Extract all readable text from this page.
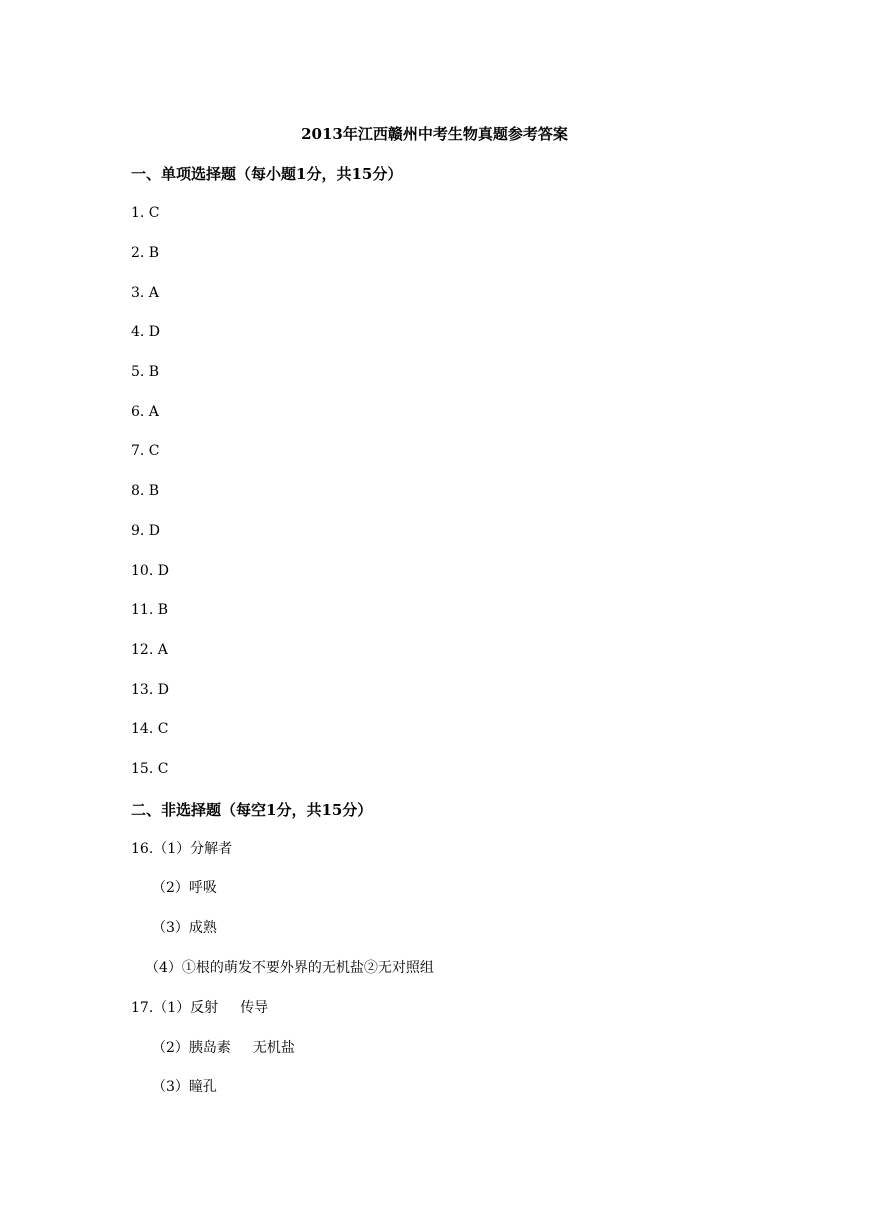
2013年江西赣州中考生物真题参考答案
一、单项选择题（每小题1分，共15分）
1. C
2. B
3. A
4. D
5. B
6. A
7. C
8. B
9. D
10. D
11. B
12. A
13. D
14. C
15. C
二、非选择题（每空1分，共15分）
16.（1）分解者
（2）呼吸
（3）成熟
（4）①根的萌发不要外界的无机盐②无对照组
17.（1）反射 传导
（2）胰岛素 无机盐
（3）瞳孔
